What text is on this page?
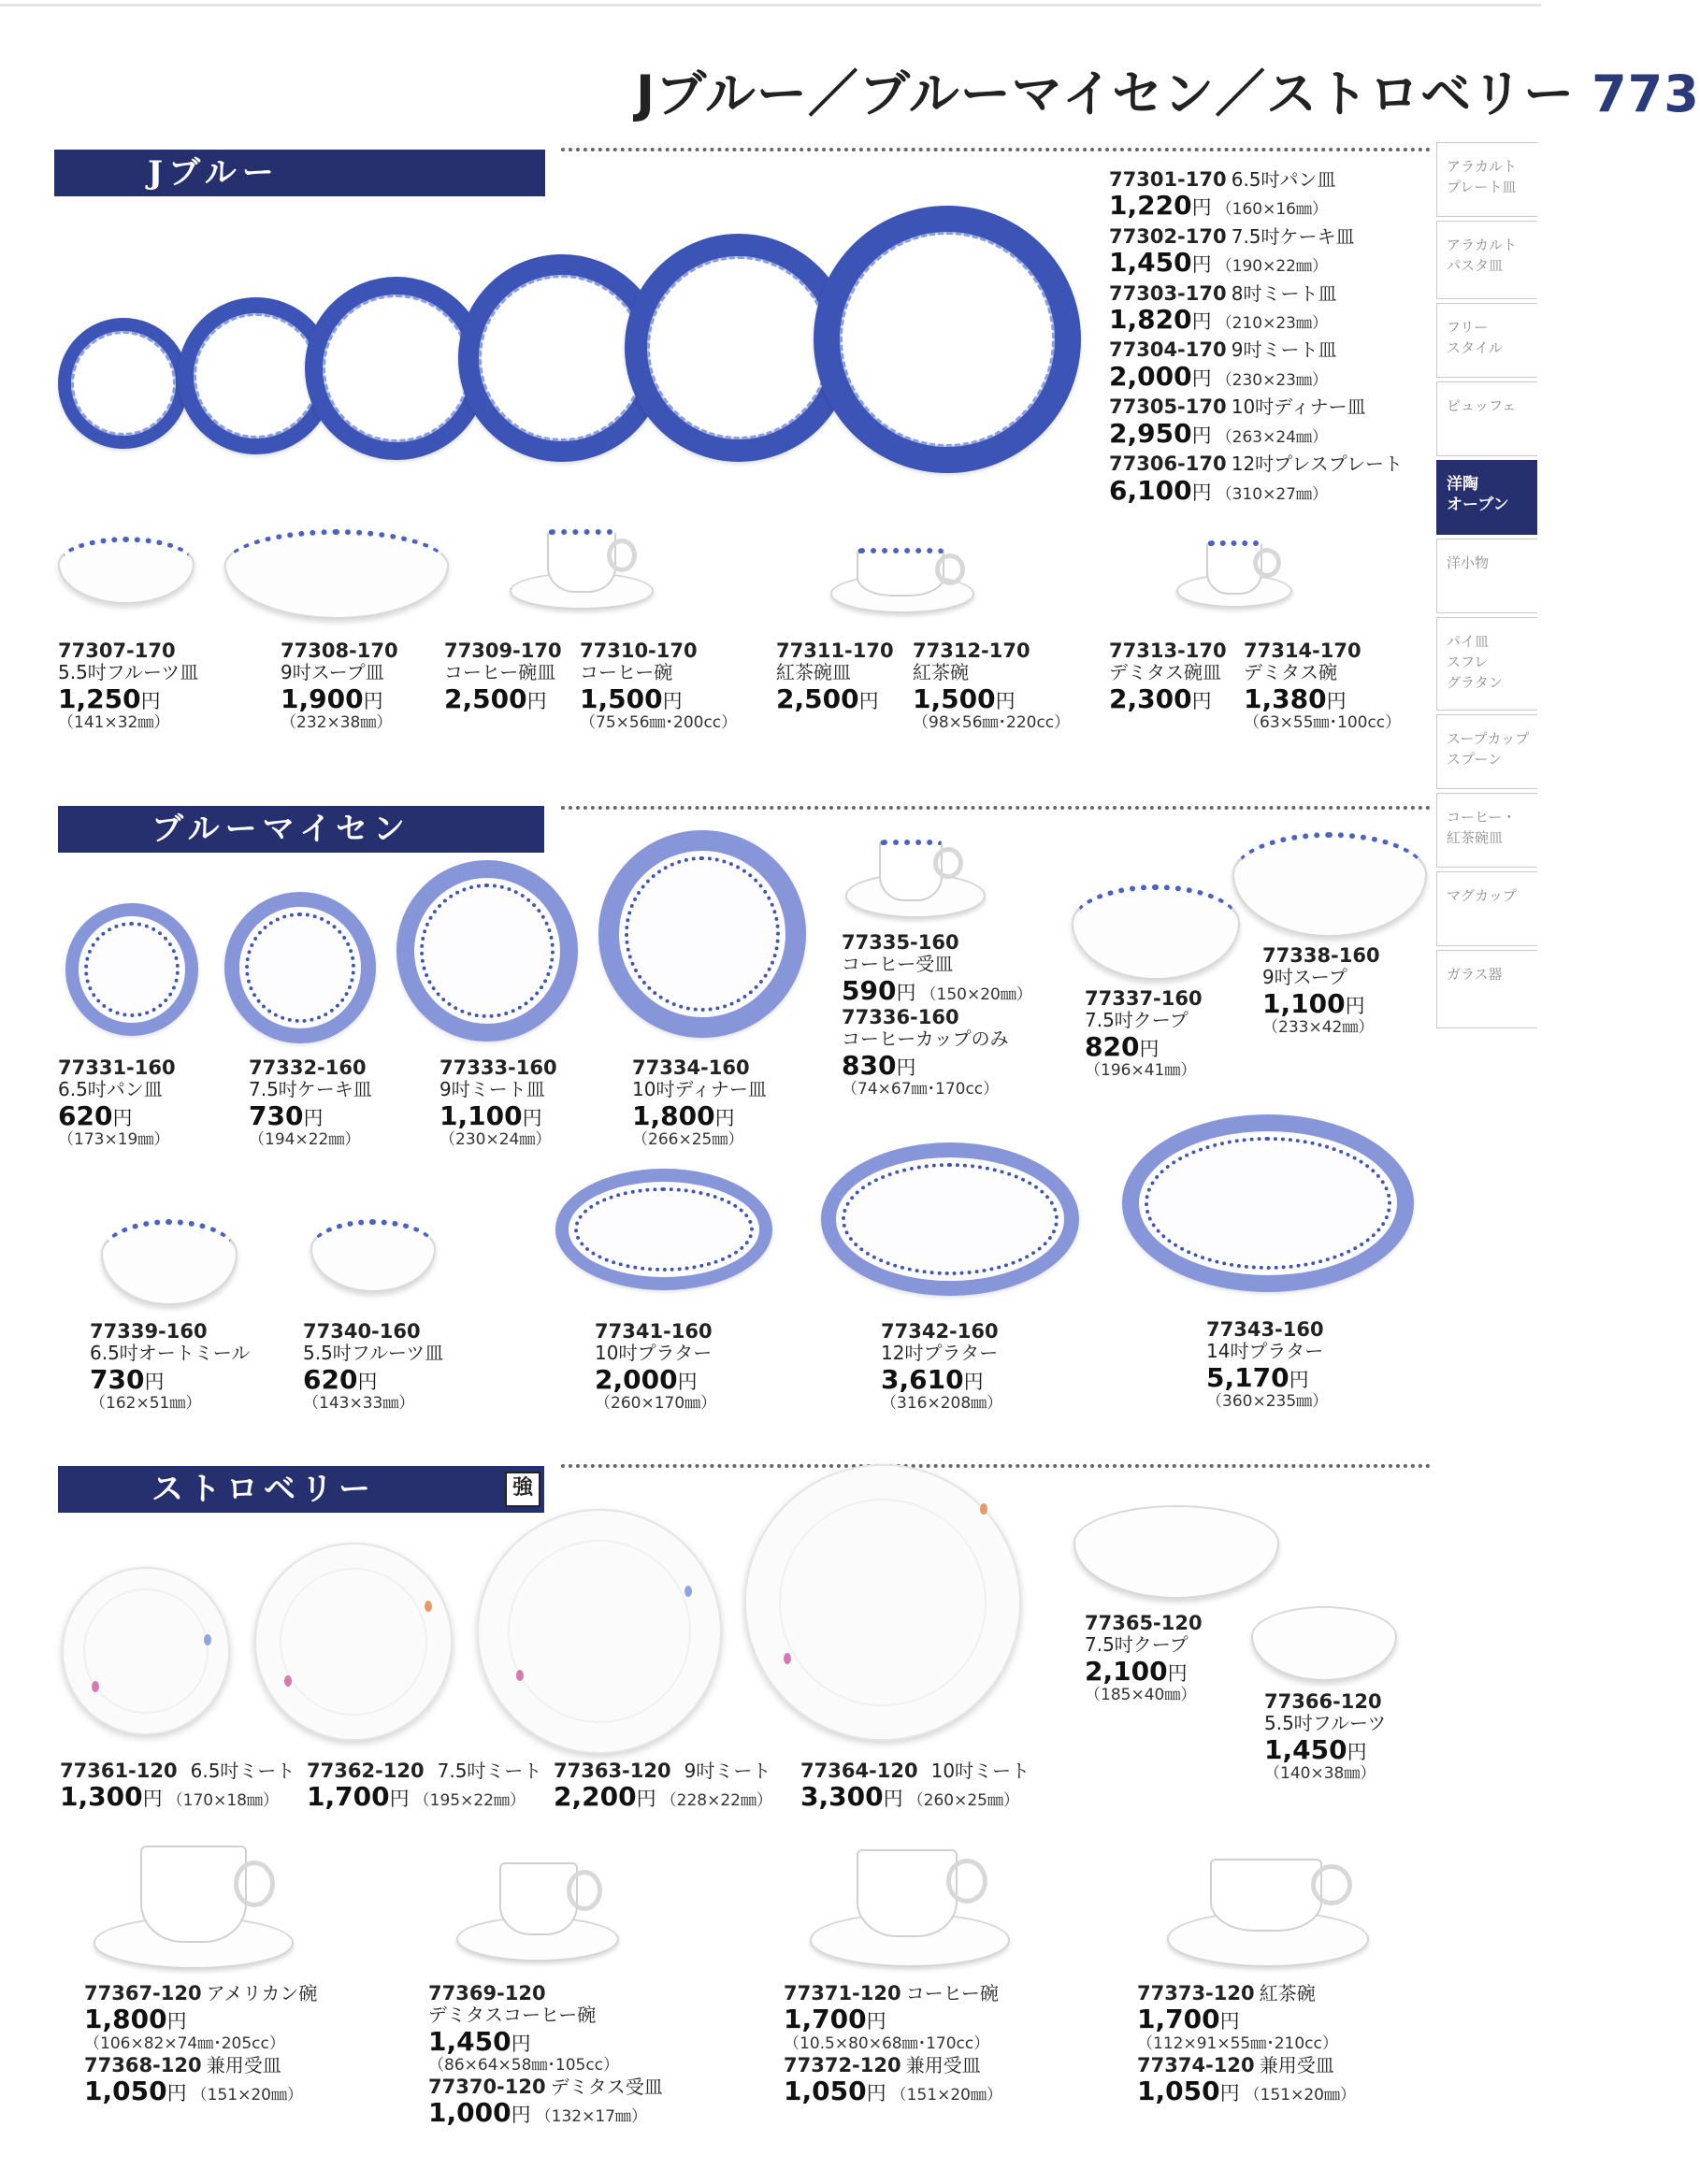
Jブルー／ブルーマイセン／ストロベリー 773
アラカルト
プレート皿
アラカルト
パスタ皿
フリー
スタイル
ビュッフェ
洋陶
オーブン
洋小物
パイ皿
スフレ
グラタン
スープカップ
スプーン
コーヒー・
紅茶碗皿
マグカップ
ガラス器
Jブルー	77301-170 6.5吋パン皿
1,220円 （160×16㎜）
77302-170 7.5吋ケーキ皿
1,450円 （190×22㎜）
77303-170 8吋ミート皿
1,820円 （210×23㎜）
77304-170 9吋ミート皿
2,000円 （230×23㎜）
77305-170 10吋ディナー皿
2,950円 （263×24㎜）
77306-170 12吋プレスプレート
6,100円 （310×27㎜）
77307-170
5.5吋フルーツ皿
1,250円
（141×32㎜）
77308-170
9吋スープ皿
1,900円
（232×38㎜）
77309-170
コーヒー碗皿
2,500円
77310-170
コーヒー碗
1,500円
（75×56㎜･200cc）
77311-170
紅茶碗皿
2,500円
77312-170
紅茶碗
1,500円
（98×56㎜･220cc）
77313-170
デミタス碗皿
2,300円
77314-170
デミタス碗
1,380円
（63×55㎜･100cc）
ブルーマイセン
77331-160
6.5吋パン皿
620円
（173×19㎜）
77332-160
7.5吋ケーキ皿
730円
（194×22㎜）
77333-160
9吋ミート皿
1,100円
（230×24㎜）
77334-160
10吋ディナー皿
1,800円
（266×25㎜）
77335-160
コーヒー受皿
590円 （150×20㎜）
77336-160
コーヒーカップのみ
830円
（74×67㎜･170cc）
77337-160
7.5吋クープ
820円
（196×41㎜）
77338-160
9吋スープ
1,100円
（233×42㎜）
77339-160
6.5吋オートミール
730円
（162×51㎜）
77340-160
5.5吋フルーツ皿
620円
（143×33㎜）
77341-160
10吋プラター
2,000円
（260×170㎜）
77342-160
12吋プラター
3,610円
（316×208㎜）
77343-160
14吋プラター
5,170円
（360×235㎜）
ストロベリー	強
77365-120
7.5吋クープ
2,100円
（185×40㎜）	77366-120
5.5吋フルーツ
1,450円
（140×38㎜）
77361-120 6.5吋ミート
1,300円 （170×18㎜）
77362-120 7.5吋ミート
1,700円 （195×22㎜）
77363-120 9吋ミート
2,200円 （228×22㎜）
77364-120 10吋ミート
3,300円 （260×25㎜）
77367-120 アメリカン碗
1,800円
（106×82×74㎜･205cc）
77368-120 兼用受皿
1,050円 （151×20㎜）
77369-120
デミタスコーヒー碗
1,450円
（86×64×58㎜･105cc）
77370-120 デミタス受皿
1,000円 （132×17㎜）
77371-120 コーヒー碗
1,700円
（10.5×80×68㎜･170cc）
77372-120 兼用受皿
1,050円 （151×20㎜）
77373-120 紅茶碗
1,700円
（112×91×55㎜･210cc）
77374-120 兼用受皿
1,050円 （151×20㎜）
